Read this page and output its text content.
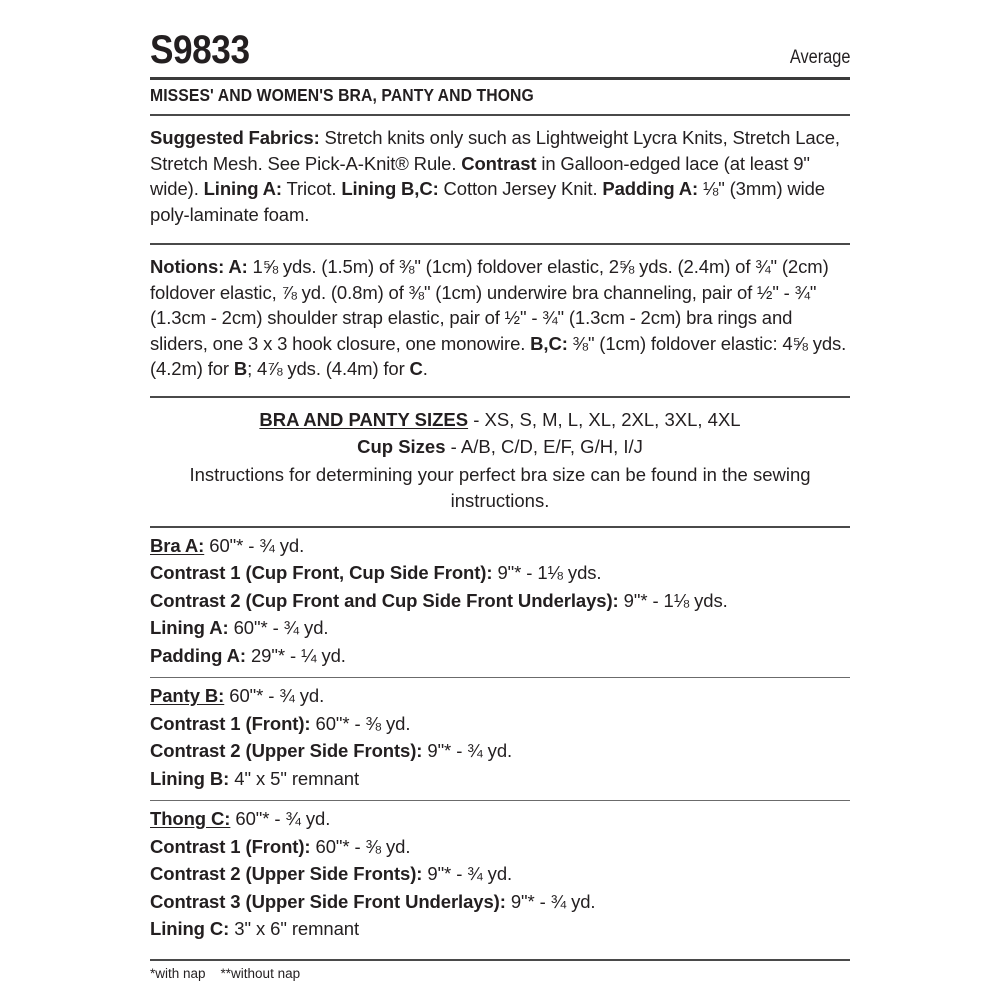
S9833	Average
MISSES' AND WOMEN'S BRA, PANTY AND THONG
Suggested Fabrics: Stretch knits only such as Lightweight Lycra Knits, Stretch Lace, Stretch Mesh. See Pick-A-Knit® Rule. Contrast in Galloon-edged lace (at least 9" wide). Lining A: Tricot. Lining B,C: Cotton Jersey Knit. Padding A: ⅛" (3mm) wide poly-laminate foam.
Notions: A: 1⅝ yds. (1.5m) of ⅜" (1cm) foldover elastic, 2⅝ yds. (2.4m) of ¾" (2cm) foldover elastic, ⅞ yd. (0.8m) of ⅜" (1cm) underwire bra channeling, pair of ½" - ¾" (1.3cm - 2cm) shoulder strap elastic, pair of ½" - ¾" (1.3cm - 2cm) bra rings and sliders, one 3 x 3 hook closure, one monowire. B,C: ⅜" (1cm) foldover elastic: 4⅝ yds. (4.2m) for B; 4⅞ yds. (4.4m) for C.
BRA AND PANTY SIZES - XS, S, M, L, XL, 2XL, 3XL, 4XL
Cup Sizes - A/B, C/D, E/F, G/H, I/J
Instructions for determining your perfect bra size can be found in the sewing instructions.
Bra A: 60"* - ¾ yd.
Contrast 1 (Cup Front, Cup Side Front): 9"* - 1⅛ yds.
Contrast 2 (Cup Front and Cup Side Front Underlays): 9"* - 1⅛ yds.
Lining A: 60"* - ¾ yd.
Padding A: 29"* - ¼ yd.
Panty B: 60"* - ¾ yd.
Contrast 1 (Front): 60"* - ⅜ yd.
Contrast 2 (Upper Side Fronts): 9"* - ¾ yd.
Lining B: 4" x 5" remnant
Thong C: 60"* - ¾ yd.
Contrast 1 (Front): 60"* - ⅜ yd.
Contrast 2 (Upper Side Fronts): 9"* - ¾ yd.
Contrast 3 (Upper Side Front Underlays): 9"* - ¾ yd.
Lining C: 3" x 6" remnant
*with nap    **without nap
